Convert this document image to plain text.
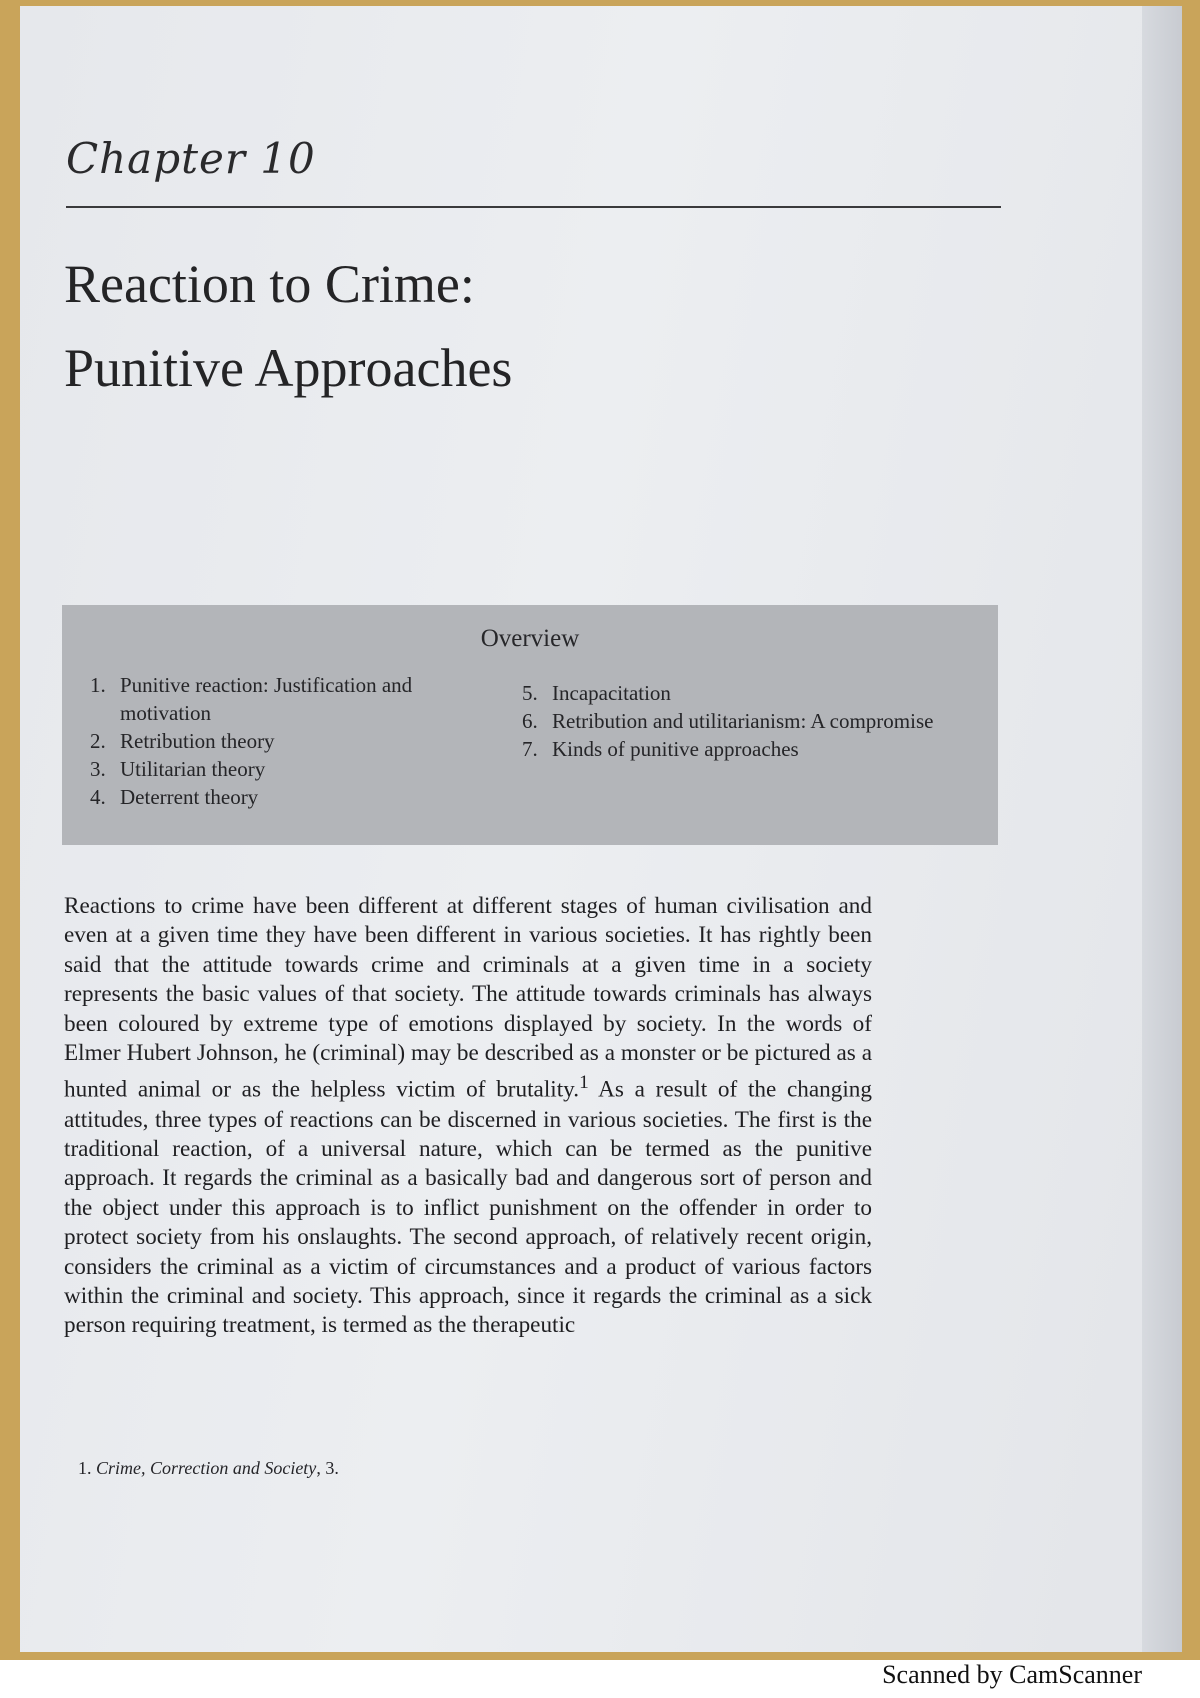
Chapter 10
Reaction to Crime:
Punitive Approaches
Overview
1. Punitive reaction: Justification and motivation
2. Retribution theory
3. Utilitarian theory
4. Deterrent theory
5. Incapacitation
6. Retribution and utilitarianism: A compromise
7. Kinds of punitive approaches

Reactions to crime have been different at different stages of human civilisation and even at a given time they have been different in various societies. It has rightly been said that the attitude towards crime and criminals at a given time in a society represents the basic values of that society. The attitude towards criminals has always been coloured by extreme type of emotions displayed by society. In the words of Elmer Hubert Johnson, he (criminal) may be described as a monster or be pictured as a hunted animal or as the helpless victim of brutality.$^1$ As a result of the changing attitudes, three types of reactions can be discerned in various societies. The first is the traditional reaction, of a universal nature, which can be termed as the punitive approach. It regards the criminal as a basically bad and dangerous sort of person and the object under this approach is to inflict punishment on the offender in order to protect society from his onslaughts. The second approach, of relatively recent origin, considers the criminal as a victim of circumstances and a product of various factors within the criminal and society. This approach, since it regards the criminal as a sick person requiring treatment, is termed as the therapeutic

1. Crime, Correction and Society, 3.
Scanned by CamScanner
